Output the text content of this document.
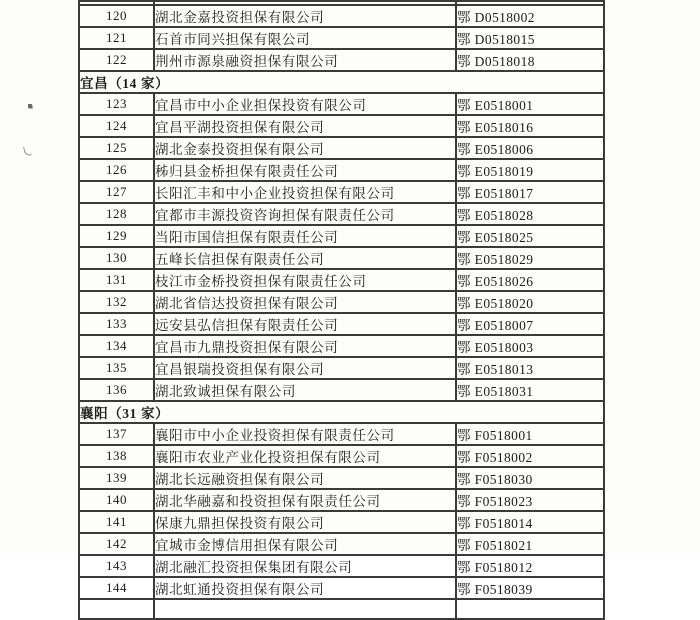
120	湖北金嘉投资担保有限公司	鄂 D0518002
121	石首市同兴担保有限公司	鄂 D0518015
122	荆州市源泉融资担保有限公司	鄂 D0518018
宜昌（14 家）		
123	宜昌市中小企业担保投资有限公司	鄂 E0518001
124	宜昌平湖投资担保有限公司	鄂 E0518016
125	湖北金泰投资担保有限公司	鄂 E0518006
126	秭归县金桥担保有限责任公司	鄂 E0518019
127	长阳汇丰和中小企业投资担保有限公司	鄂 E0518017
128	宜都市丰源投资咨询担保有限责任公司	鄂 E0518028
129	当阳市国信担保有限责任公司	鄂 E0518025
130	五峰长信担保有限责任公司	鄂 E0518029
131	枝江市金桥投资担保有限责任公司	鄂 E0518026
132	湖北省信达投资担保有限公司	鄂 E0518020
133	远安县弘信担保有限责任公司	鄂 E0518007
134	宜昌市九鼎投资担保有限公司	鄂 E0518003
135	宜昌银瑞投资担保有限公司	鄂 E0518013
136	湖北致诚担保有限公司	鄂 E0518031
襄阳（31 家）		
137	襄阳市中小企业投资担保有限责任公司	鄂 F0518001
138	襄阳市农业产业化投资担保有限公司	鄂 F0518002
139	湖北长远融资担保有限公司	鄂 F0518030
140	湖北华融嘉和投资担保有限责任公司	鄂 F0518023
141	保康九鼎担保投资有限公司	鄂 F0518014
142	宜城市金博信用担保有限公司	鄂 F0518021
143	湖北融汇投资担保集团有限公司	鄂 F0518012
144	湖北虹通投资担保有限公司	鄂 F0518039
